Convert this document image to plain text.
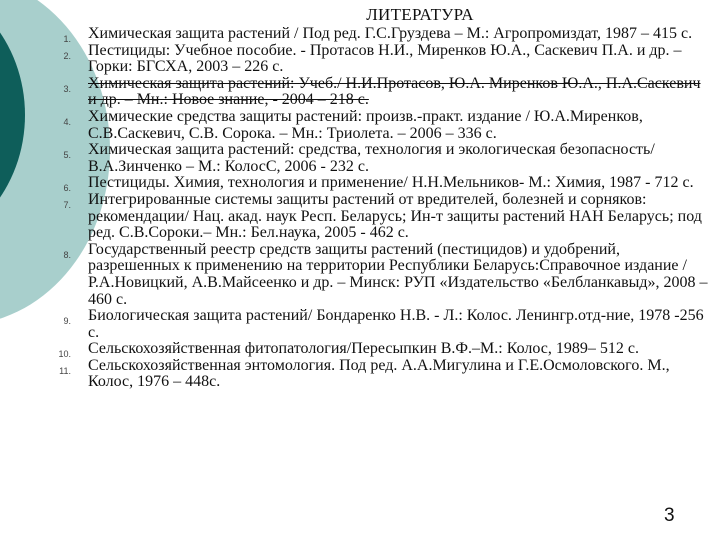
ЛИТЕРАТУРА
1. Химическая защита растений / Под ред. Г.С.Груздева – М.: Агропромиздат, 1987 – 415 с.
2. Пестициды: Учебное пособие. - Протасов Н.И., Миренков Ю.А., Саскевич П.А. и др. – Горки: БГСХА, 2003 – 226 с.
3. Химическая защита растений: Учеб./ Н.И.Протасов, Ю.А. Миренков Ю.А., П.А.Саскевич и др. – Мн.: Новое знание, - 2004 – 218 с.
4. Химические средства защиты растений: произв.-практ. издание / Ю.А.Миренков, С.В.Саскевич, С.В. Сорока. – Мн.: Триолета. – 2006 – 336 с.
5. Химическая защита растений: средства, технология и экологическая безопасность/ В.А.Зинченко – М.: КолосС, 2006 - 232 с.
6. Пестициды. Химия, технология и применение/ Н.Н.Мельников- М.: Химия, 1987 - 712 с.
7. Интегрированные системы защиты растений от вредителей, болезней и сорняков: рекомендации/ Нац. акад. наук Респ. Беларусь; Ин-т защиты растений НАН Беларусь; под ред. С.В.Сороки.– Мн.: Бел.наука, 2005 - 462 с.
8. Государственный реестр средств защиты растений (пестицидов) и удобрений, разрешенных к применению на территории Республики Беларусь:Справочное издание / Р.А.Новицкий, А.В.Майсеенко и др. – Минск: РУП «Издательство «Белбланкавыд», 2008 – 460 с.
9. Биологическая защита растений/ Бондаренко Н.В. - Л.: Колос. Ленингр.отд-ние, 1978 -256 с.
10. Сельскохозяйственная фитопатология/Пересыпкин В.Ф.–М.: Колос, 1989– 512 с.
11. Сельскохозяйственная энтомология. Под ред. А.А.Мигулина и Г.Е.Осмоловского. М., Колос, 1976 – 448с.
3
